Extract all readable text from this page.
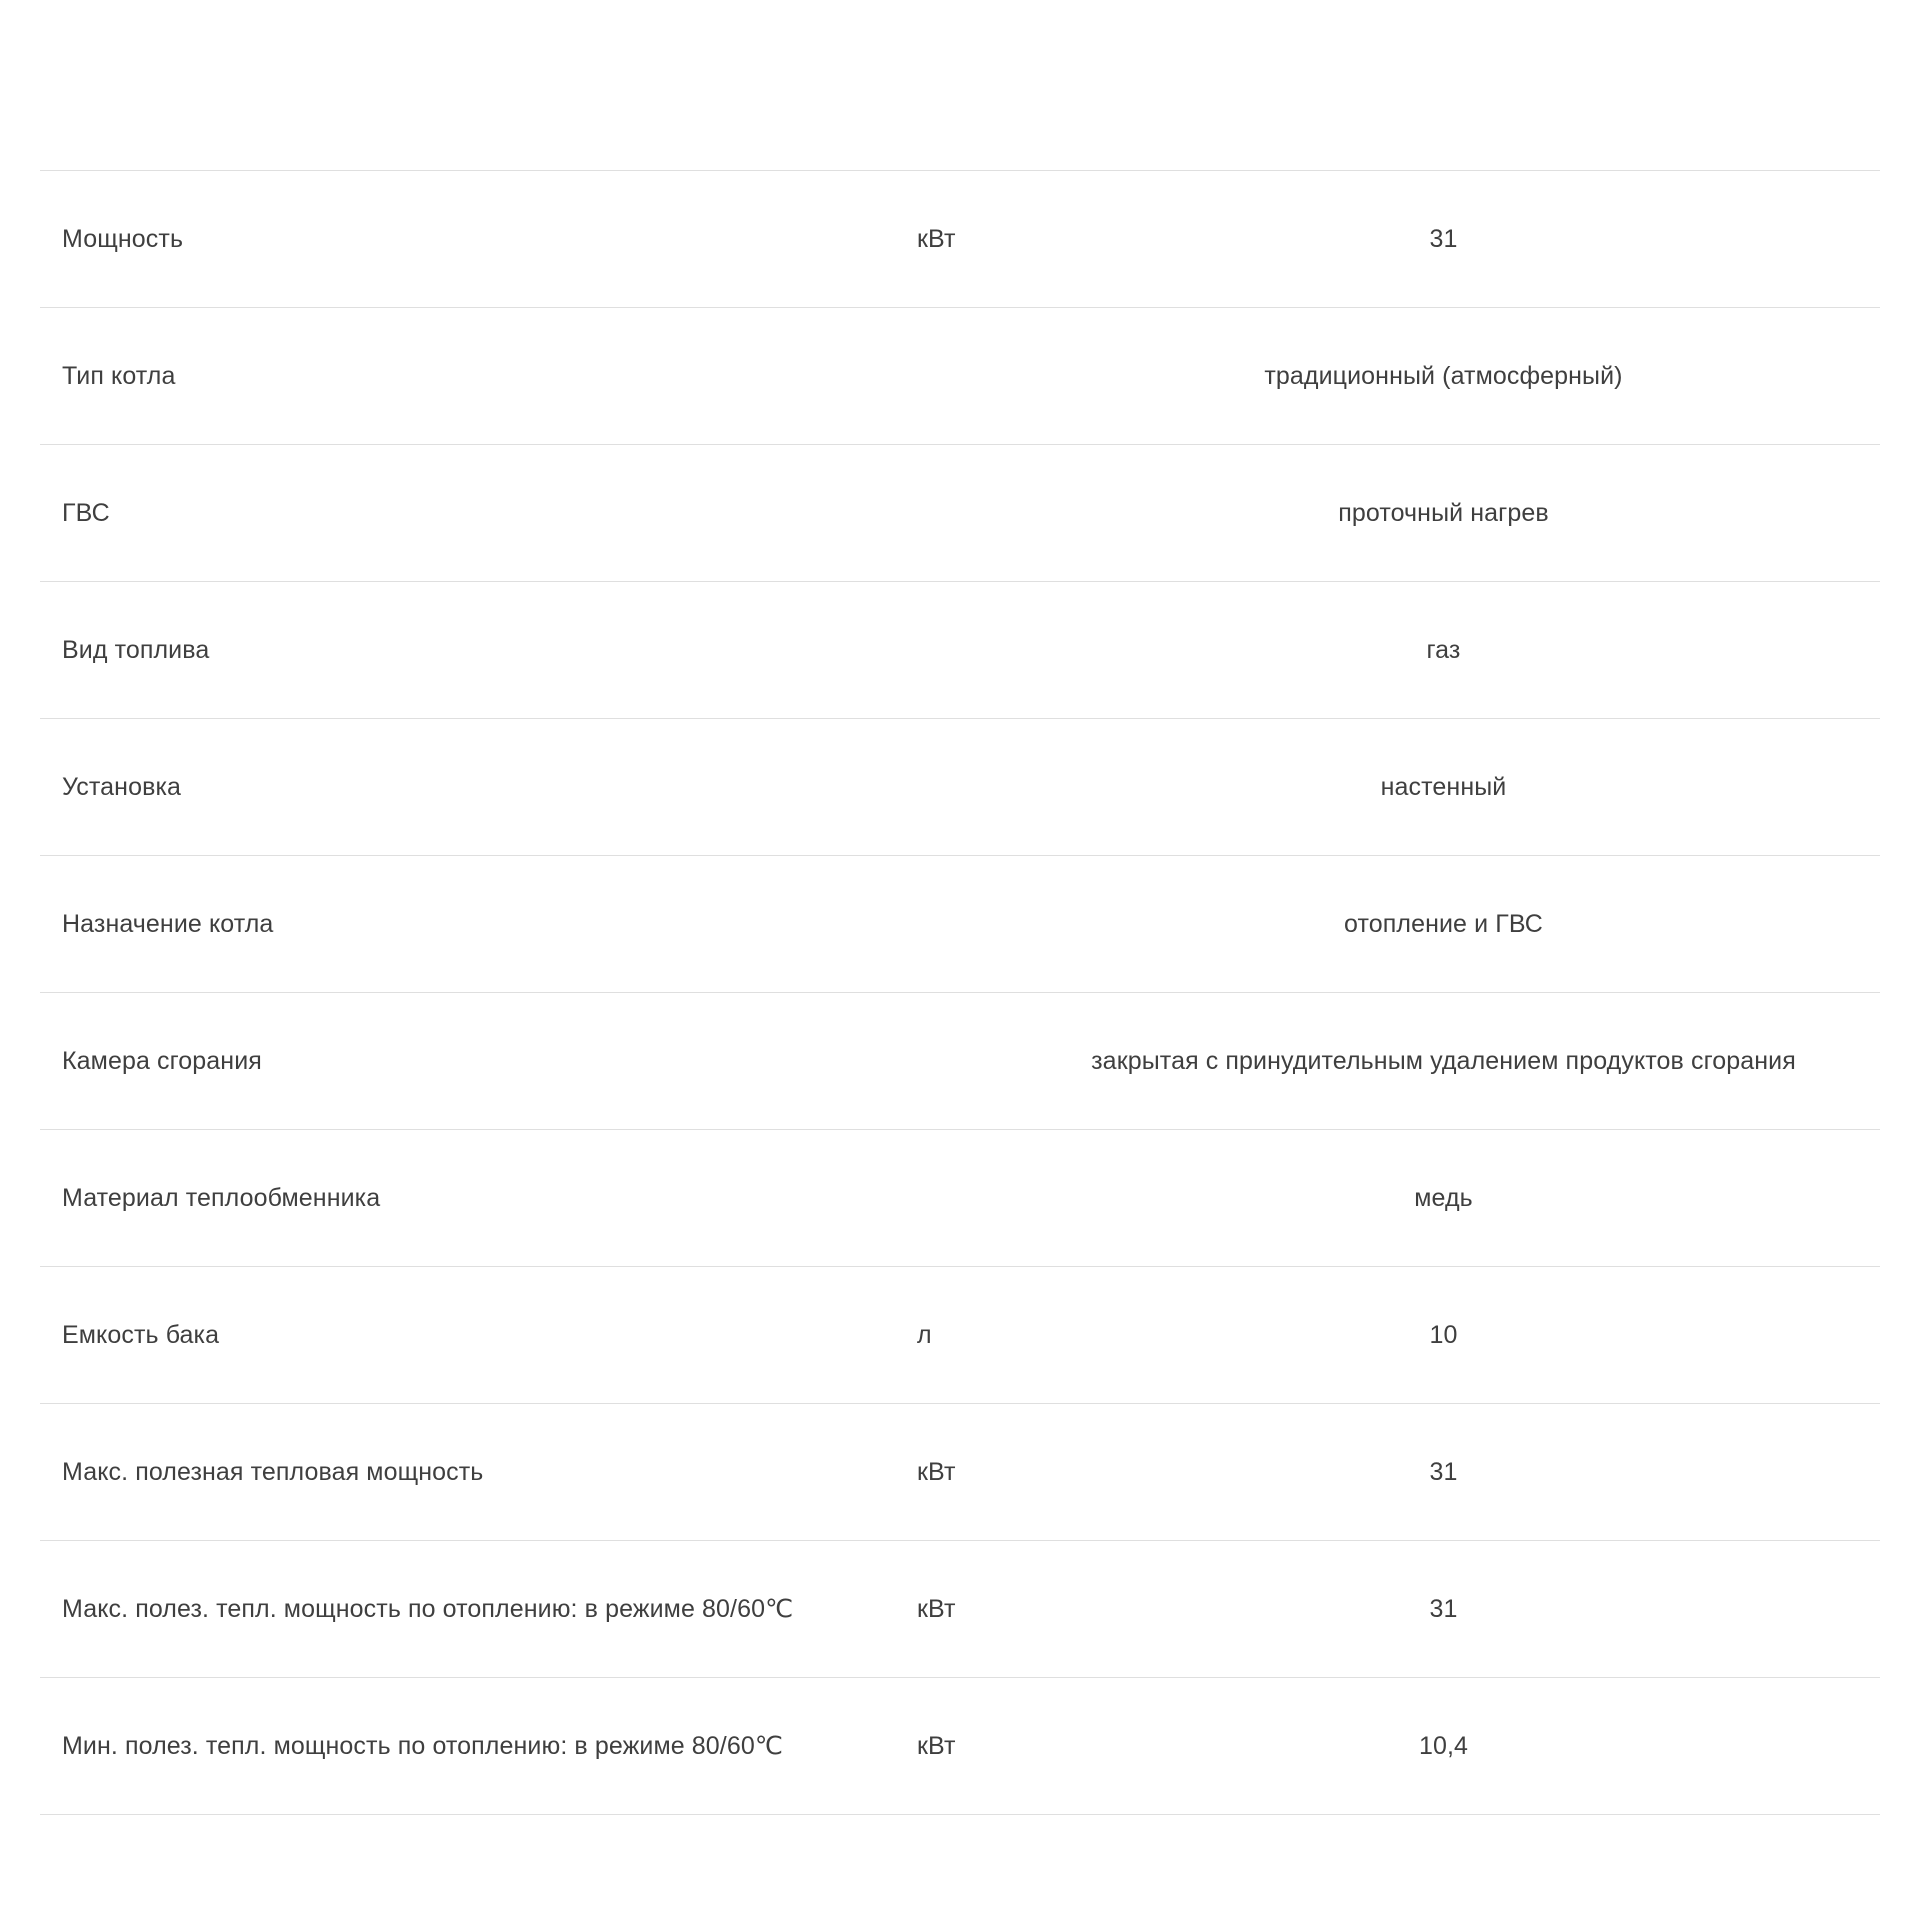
Мощность	кВт	31
Тип котла		традиционный (атмосферный)
ГВС		проточный нагрев
Вид топлива		газ
Установка		настенный
Назначение котла		отопление и ГВС
Камера сгорания		закрытая с принудительным удалением продуктов сгорания
Материал теплообменника		медь
Емкость бака	л	10
Макс. полезная тепловая мощность	кВт	31
Макс. полез. тепл. мощность по отоплению: в режиме 80/60℃	кВт	31
Мин. полез. тепл. мощность по отоплению: в режиме 80/60℃	кВт	10,4
